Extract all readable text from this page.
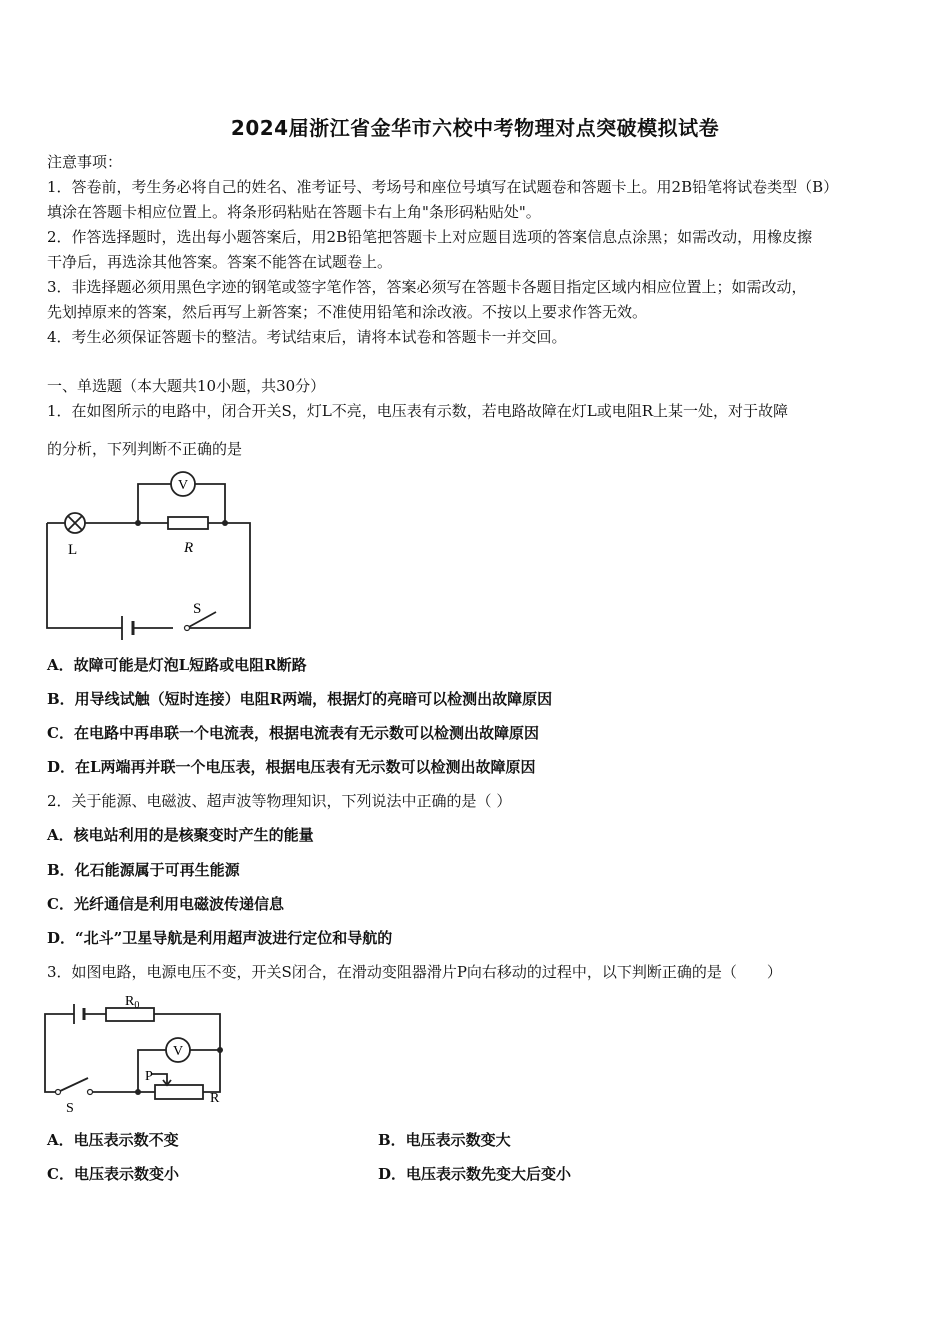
2024届浙江省金华市六校中考物理对点突破模拟试卷
注意事项：
1．答卷前，考生务必将自己的姓名、准考证号、考场号和座位号填写在试题卷和答题卡上。用2B铅笔将试卷类型（B）
填涂在答题卡相应位置上。将条形码粘贴在答题卡右上角"条形码粘贴处"。
2．作答选择题时，选出每小题答案后，用2B铅笔把答题卡上对应题目选项的答案信息点涂黑；如需改动，用橡皮擦
干净后，再选涂其他答案。答案不能答在试题卷上。
3．非选择题必须用黑色字迹的钢笔或签字笔作答，答案必须写在答题卡各题目指定区域内相应位置上；如需改动，
先划掉原来的答案，然后再写上新答案；不准使用铅笔和涂改液。不按以上要求作答无效。
4．考生必须保证答题卡的整洁。考试结束后，请将本试卷和答题卡一并交回。
一、单选题（本大题共10小题，共30分）
1．在如图所示的电路中，闭合开关S，灯L不亮，电压表有示数，若电路故障在灯L或电阻R上某一处，对于故障
的分析，下列判断不正确的是
V
L	R
S
A．故障可能是灯泡L短路或电阻R断路
B．用导线试触（短时连接）电阻R两端，根据灯的亮暗可以检测出故障原因
C．在电路中再串联一个电流表，根据电流表有无示数可以检测出故障原因
D．在L两端再并联一个电压表，根据电压表有无示数可以检测出故障原因
2．关于能源、电磁波、超声波等物理知识，下列说法中正确的是（ ）
A．核电站利用的是核聚变时产生的能量
B．化石能源属于可再生能源
C．光纤通信是利用电磁波传递信息
D．“北斗”卫星导航是利用超声波进行定位和导航的
3．如图电路，电源电压不变，开关S闭合，在滑动变阻器滑片P向右移动的过程中，以下判断正确的是（　　）
$R_0$
V
P
R
S
A．电压表示数不变	B．电压表示数变大
C．电压表示数变小	D．电压表示数先变大后变小
